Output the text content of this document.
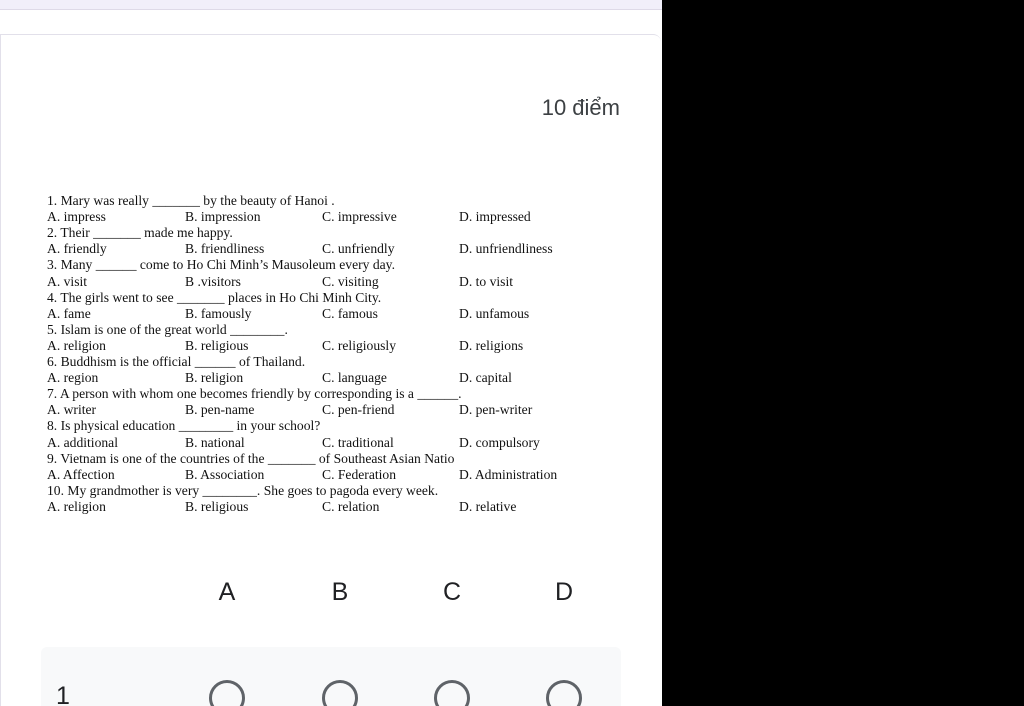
10 điểm
1. Mary was really _______ by the beauty of Hanoi .
A. impress	B. impression	C. impressive	D. impressed
2. Their _______ made me happy.
A. friendly	B. friendliness	C. unfriendly	D. unfriendliness
3. Many ______ come to Ho Chi Minh’s Mausoleum every day.
A. visit	B .visitors	C. visiting	D. to visit
4. The girls went to see _______ places in Ho Chi Minh City.
A. fame	B. famously	C. famous	D. unfamous
5. Islam is one of the great world ________.
A. religion	B. religious	C. religiously	D. religions
6. Buddhism is the official ______ of Thailand.
A. region	B. religion	C. language	D. capital
7. A person with whom one becomes friendly by corresponding is a ______.
A. writer	B. pen-name	C. pen-friend	D. pen-writer
8. Is physical education ________ in your school?
A. additional	B. national	C. traditional	D. compulsory
9. Vietnam is one of the countries of the _______ of Southeast Asian Natio
A. Affection	B. Association	C. Federation	D. Administration
10. My grandmother is very ________. She goes to pagoda every week.
A. religion	B. religious	C. relation	D. relative
A	B	C	D
1
